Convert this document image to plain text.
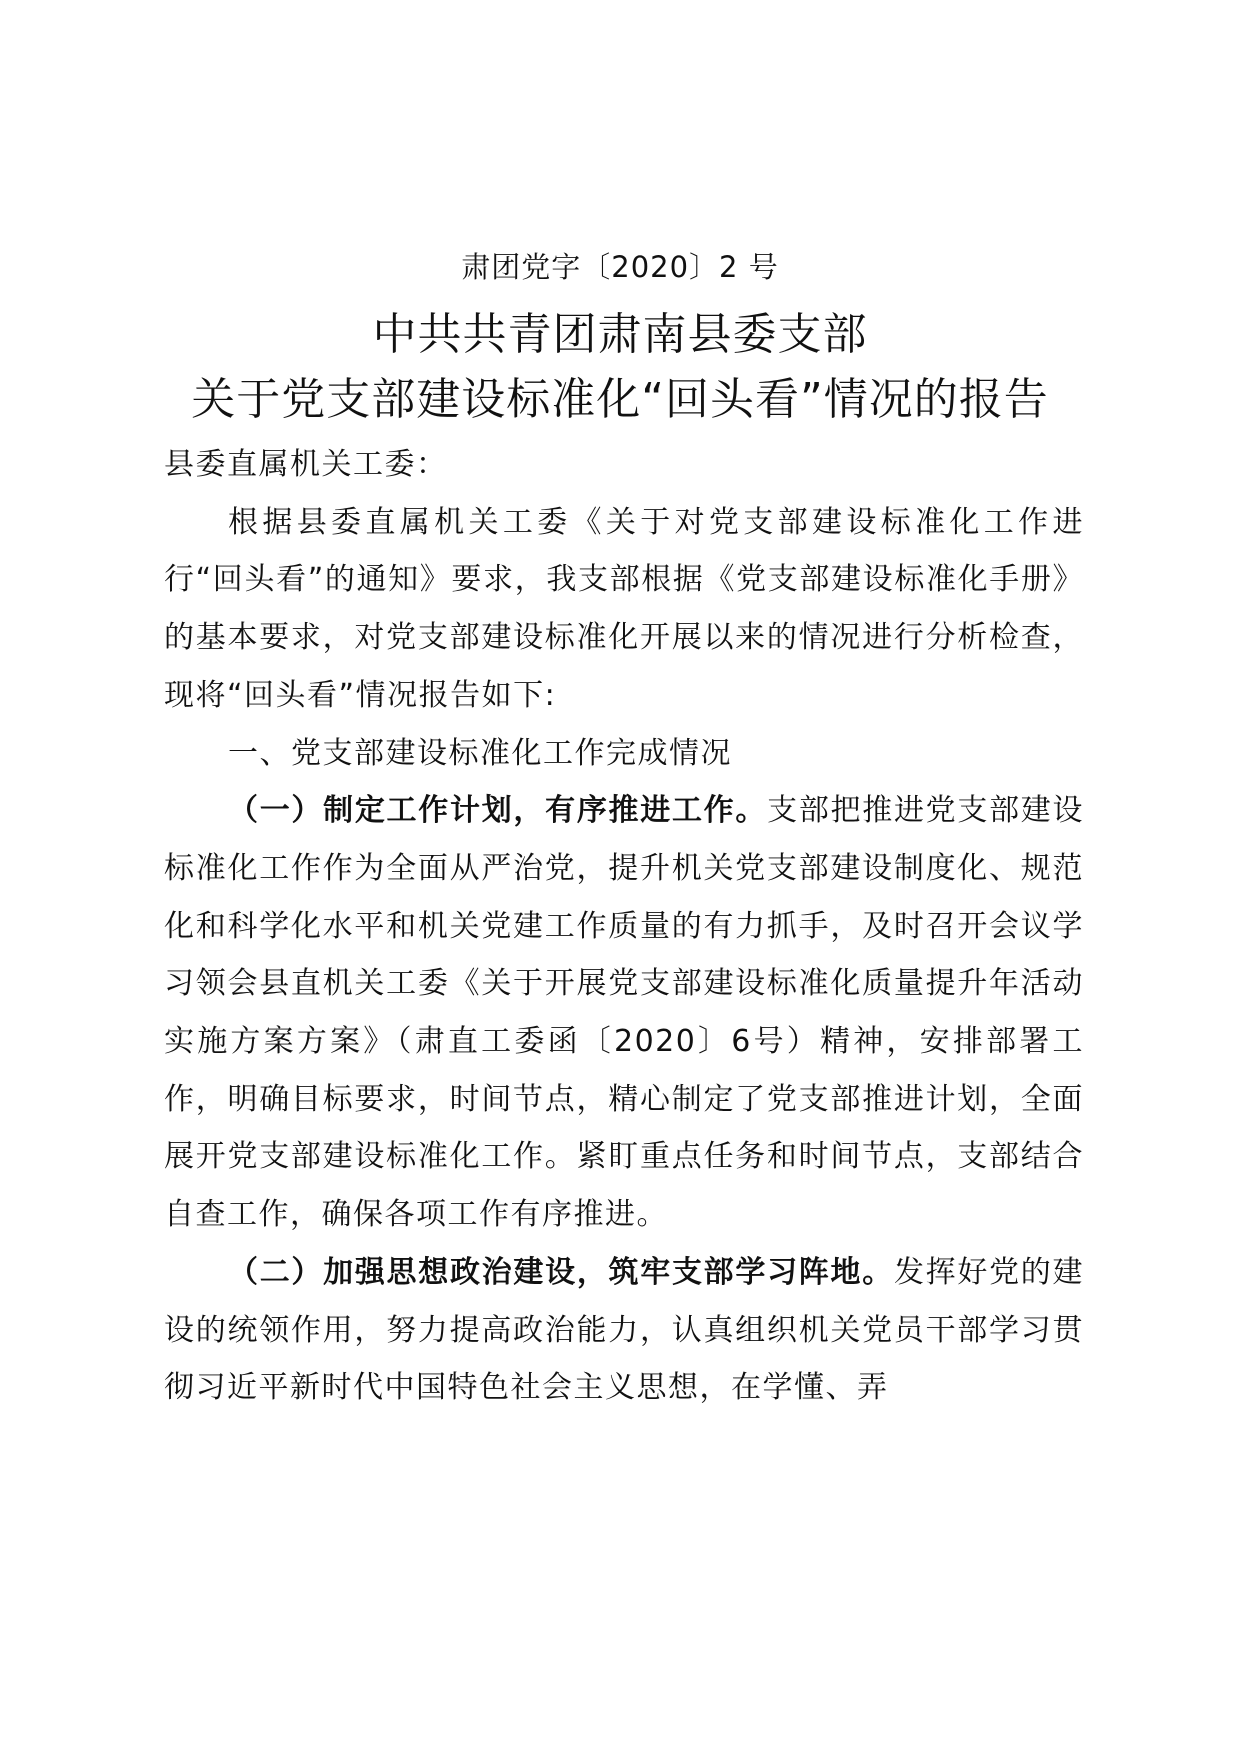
肃团党字〔2020〕2 号
中共共青团肃南县委支部
关于党支部建设标准化“回头看”情况的报告

县委直属机关工委：

根据县委直属机关工委《关于对党支部建设标准化工作进行“回头看”的通知》要求，我支部根据《党支部建设标准化手册》的基本要求，对党支部建设标准化开展以来的情况进行分析检查，现将“回头看”情况报告如下:

一、党支部建设标准化工作完成情况

（一）制定工作计划，有序推进工作。支部把推进党支部建设标准化工作作为全面从严治党，提升机关党支部建设制度化、规范化和科学化水平和机关党建工作质量的有力抓手，及时召开会议学习领会县直机关工委《关于开展党支部建设标准化质量提升年活动实施方案方案》（肃直工委函〔2020〕6号）精神，安排部署工作，明确目标要求，时间节点，精心制定了党支部推进计划，全面展开党支部建设标准化工作。紧盯重点任务和时间节点，支部结合自查工作，确保各项工作有序推进。

（二）加强思想政治建设，筑牢支部学习阵地。发挥好党的建设的统领作用，努力提高政治能力，认真组织机关党员干部学习贯彻习近平新时代中国特色社会主义思想，在学懂、弄
